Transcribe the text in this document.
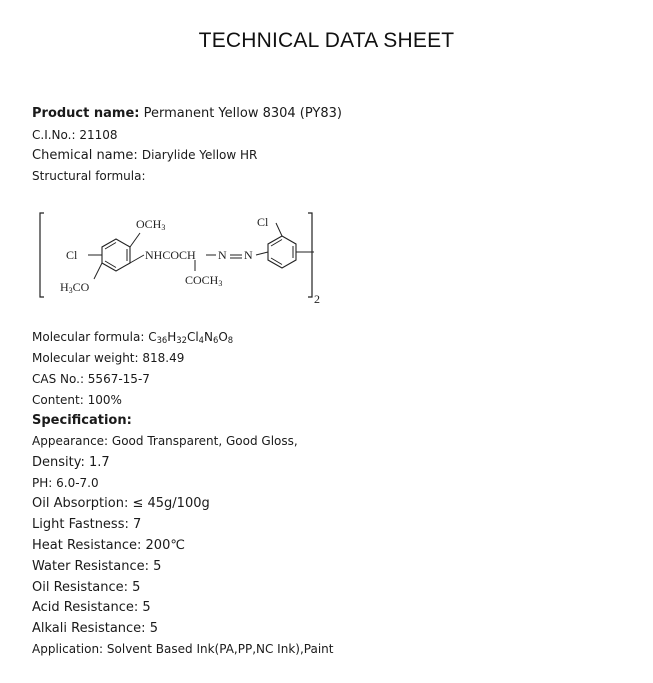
TECHNICAL DATA SHEET
Product name: Permanent Yellow 8304 (PY83)
C.I.No.: 21108
Chemical name: Diarylide Yellow HR
Structural formula:
OCH3	Cl
Cl	NHCOCH N N
H3CO	COCH3
2
Molecular formula: $C_{36}H_{32}Cl_4N_6O_8$
Molecular weight: 818.49
CAS No.: 5567-15-7
Content: 100%
Specification:
Appearance: Good Transparent, Good Gloss,
Density: 1.7
PH: 6.0-7.0
Oil Absorption: ≤ 45g/100g
Light Fastness: 7
Heat Resistance: 200℃
Water Resistance: 5
Oil Resistance: 5
Acid Resistance: 5
Alkali Resistance: 5
Application: Solvent Based Ink(PA,PP,NC Ink),Paint
